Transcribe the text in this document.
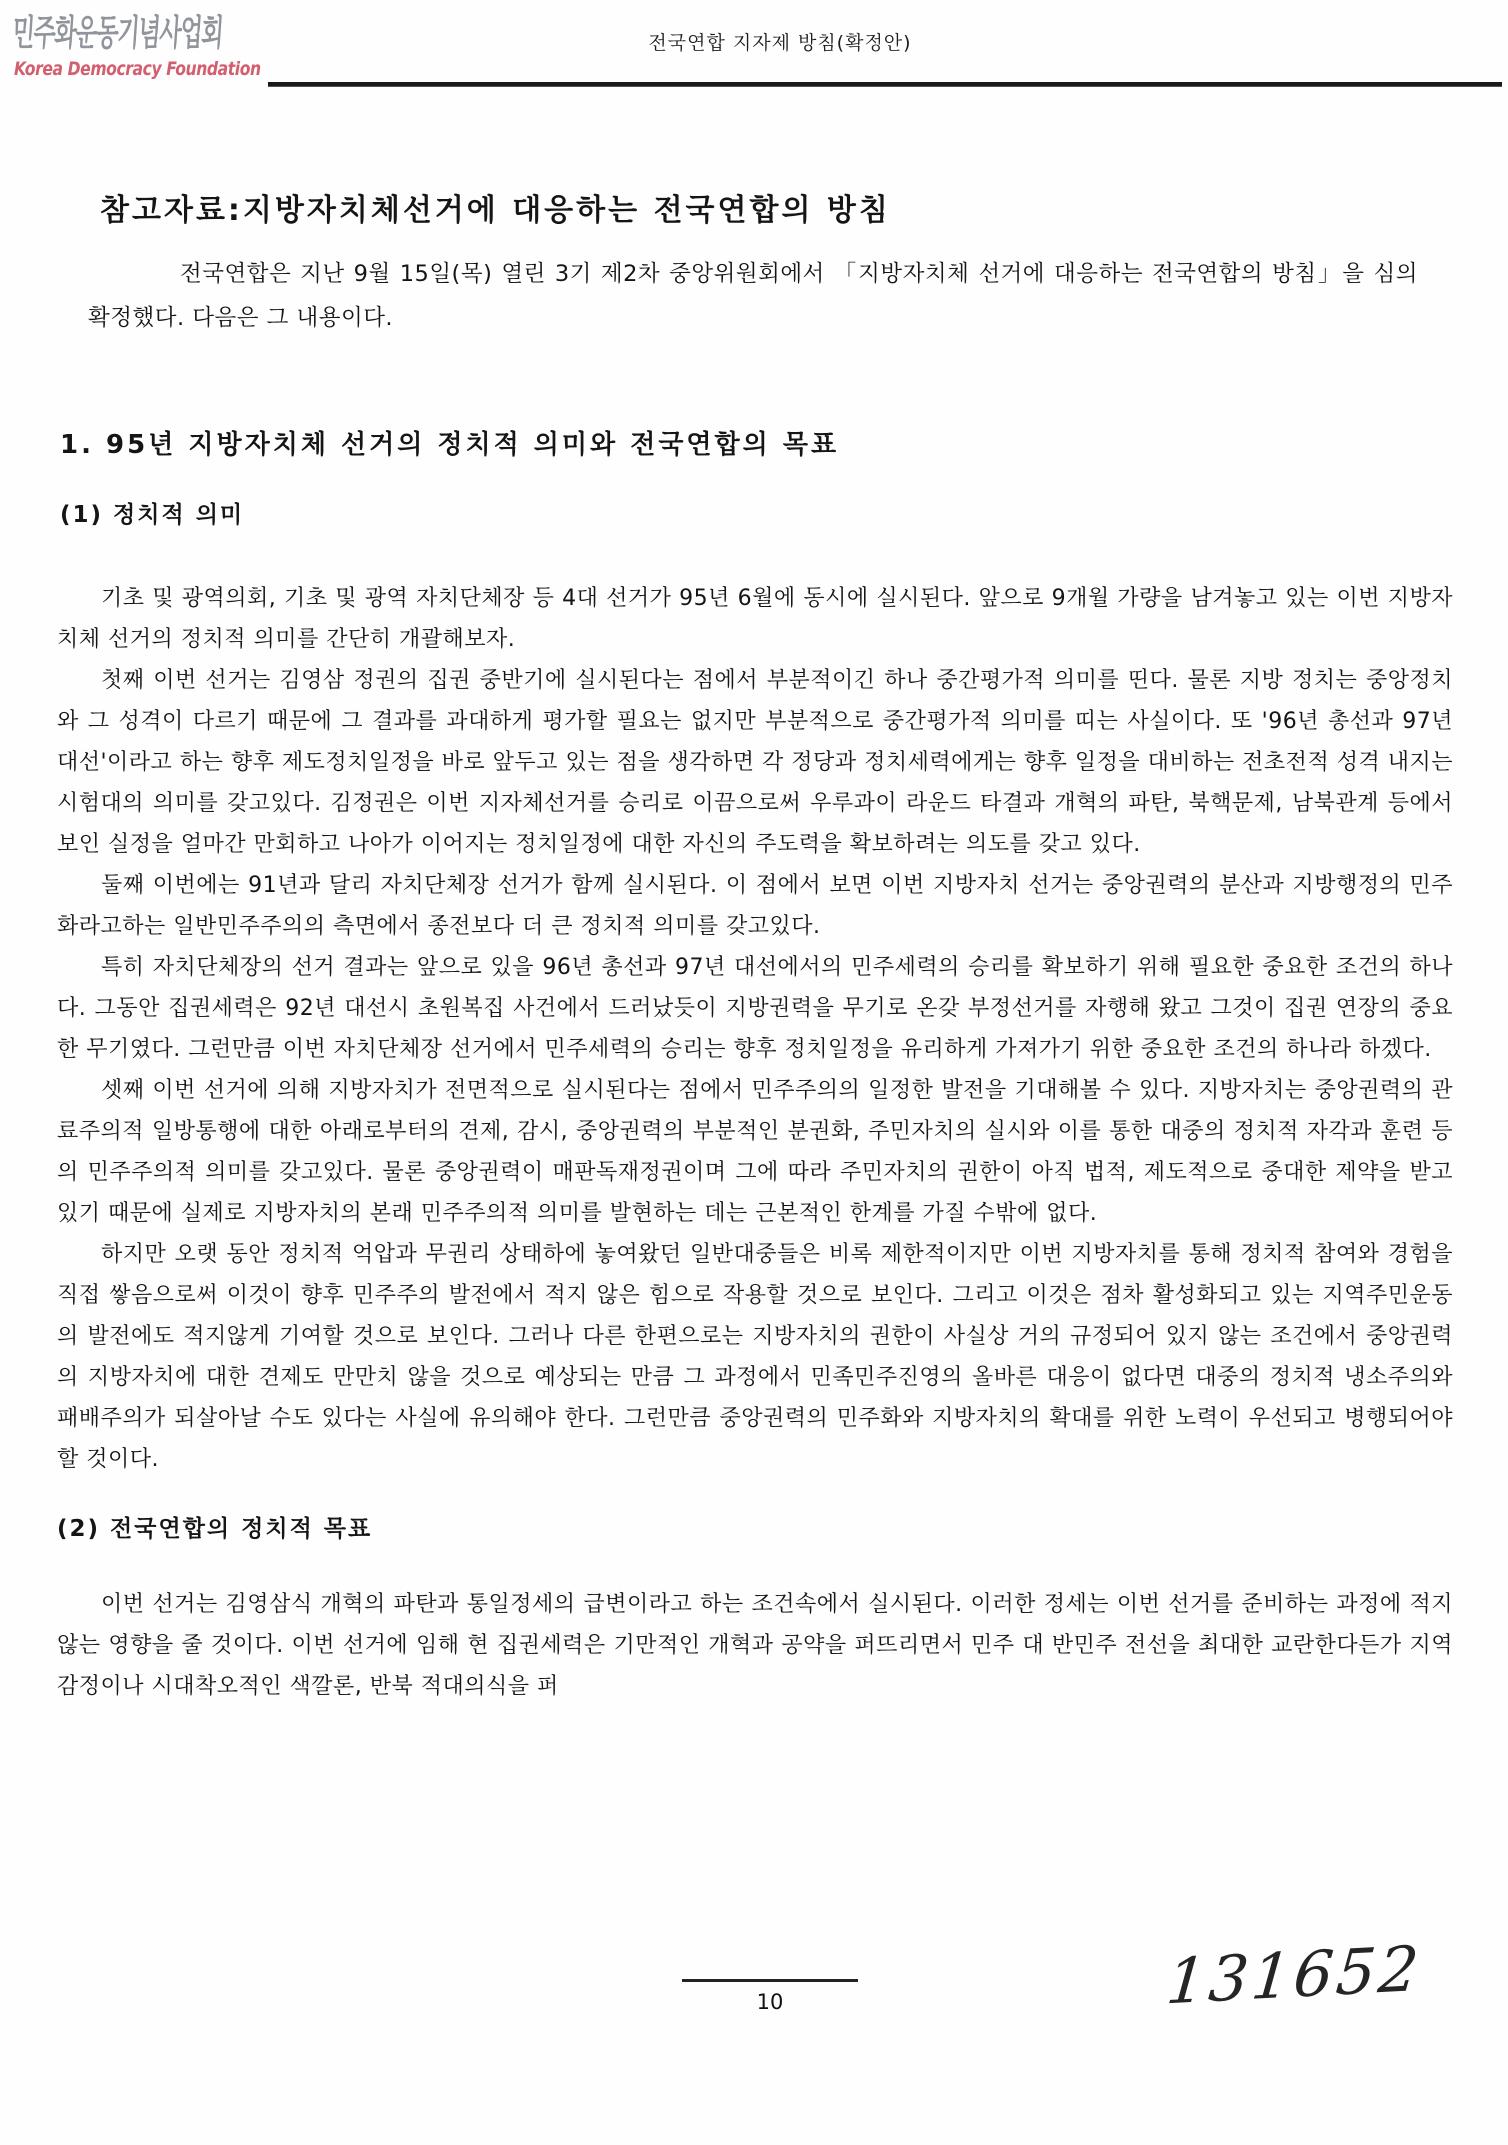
민주화운동기념사업회
Korea Democracy Foundation
전국연합 지자제 방침(확정안)
참고자료:지방자치체선거에 대응하는 전국연합의 방침

전국연합은 지난 9월 15일(목) 열린 3기 제2차 중앙위원회에서 「지방자치체 선거에 대응하는 전국연합의 방침」을 심의 확정했다. 다음은 그 내용이다.

1. 95년 지방자치체 선거의 정치적 의미와 전국연합의 목표
(1) 정치적 의미

기초 및 광역의회, 기초 및 광역 자치단체장 등 4대 선거가 95년 6월에 동시에 실시된다. 앞으로 9개월 가량을 남겨놓고 있는 이번 지방자치체 선거의 정치적 의미를 간단히 개괄해보자.

첫째 이번 선거는 김영삼 정권의 집권 중반기에 실시된다는 점에서 부분적이긴 하나 중간평가적 의미를 띤다. 물론 지방 정치는 중앙정치와 그 성격이 다르기 때문에 그 결과를 과대하게 평가할 필요는 없지만 부분적으로 중간평가적 의미를 띠는 사실이다. 또 '96년 총선과 97년 대선'이라고 하는 향후 제도정치일정을 바로 앞두고 있는 점을 생각하면 각 정당과 정치세력에게는 향후 일정을 대비하는 전초전적 성격 내지는 시험대의 의미를 갖고있다. 김정권은 이번 지자체선거를 승리로 이끔으로써 우루과이 라운드 타결과 개혁의 파탄, 북핵문제, 남북관계 등에서 보인 실정을 얼마간 만회하고 나아가 이어지는 정치일정에 대한 자신의 주도력을 확보하려는 의도를 갖고 있다.

둘째 이번에는 91년과 달리 자치단체장 선거가 함께 실시된다. 이 점에서 보면 이번 지방자치 선거는 중앙권력의 분산과 지방행정의 민주화라고하는 일반민주주의의 측면에서 종전보다 더 큰 정치적 의미를 갖고있다.

특히 자치단체장의 선거 결과는 앞으로 있을 96년 총선과 97년 대선에서의 민주세력의 승리를 확보하기 위해 필요한 중요한 조건의 하나다. 그동안 집권세력은 92년 대선시 초원복집 사건에서 드러났듯이 지방권력을 무기로 온갖 부정선거를 자행해 왔고 그것이 집권 연장의 중요한 무기였다. 그런만큼 이번 자치단체장 선거에서 민주세력의 승리는 향후 정치일정을 유리하게 가져가기 위한 중요한 조건의 하나라 하겠다.

셋째 이번 선거에 의해 지방자치가 전면적으로 실시된다는 점에서 민주주의의 일정한 발전을 기대해볼 수 있다. 지방자치는 중앙권력의 관료주의적 일방통행에 대한 아래로부터의 견제, 감시, 중앙권력의 부분적인 분권화, 주민자치의 실시와 이를 통한 대중의 정치적 자각과 훈련 등의 민주주의적 의미를 갖고있다. 물론 중앙권력이 매판독재정권이며 그에 따라 주민자치의 권한이 아직 법적, 제도적으로 중대한 제약을 받고있기 때문에 실제로 지방자치의 본래 민주주의적 의미를 발현하는 데는 근본적인 한계를 가질 수밖에 없다.

하지만 오랫 동안 정치적 억압과 무권리 상태하에 놓여왔던 일반대중들은 비록 제한적이지만 이번 지방자치를 통해 정치적 참여와 경험을 직접 쌓음으로써 이것이 향후 민주주의 발전에서 적지 않은 힘으로 작용할 것으로 보인다. 그리고 이것은 점차 활성화되고 있는 지역주민운동의 발전에도 적지않게 기여할 것으로 보인다. 그러나 다른 한편으로는 지방자치의 권한이 사실상 거의 규정되어 있지 않는 조건에서 중앙권력의 지방자치에 대한 견제도 만만치 않을 것으로 예상되는 만큼 그 과정에서 민족민주진영의 올바른 대응이 없다면 대중의 정치적 냉소주의와 패배주의가 되살아날 수도 있다는 사실에 유의해야 한다. 그런만큼 중앙권력의 민주화와 지방자치의 확대를 위한 노력이 우선되고 병행되어야 할 것이다.

(2) 전국연합의 정치적 목표

이번 선거는 김영삼식 개혁의 파탄과 통일정세의 급변이라고 하는 조건속에서 실시된다. 이러한 정세는 이번 선거를 준비하는 과정에 적지않는 영향을 줄 것이다. 이번 선거에 임해 현 집권세력은 기만적인 개혁과 공약을 퍼뜨리면서 민주 대 반민주 전선을 최대한 교란한다든가 지역감정이나 시대착오적인 색깔론, 반북 적대의식을 퍼

10	131652
